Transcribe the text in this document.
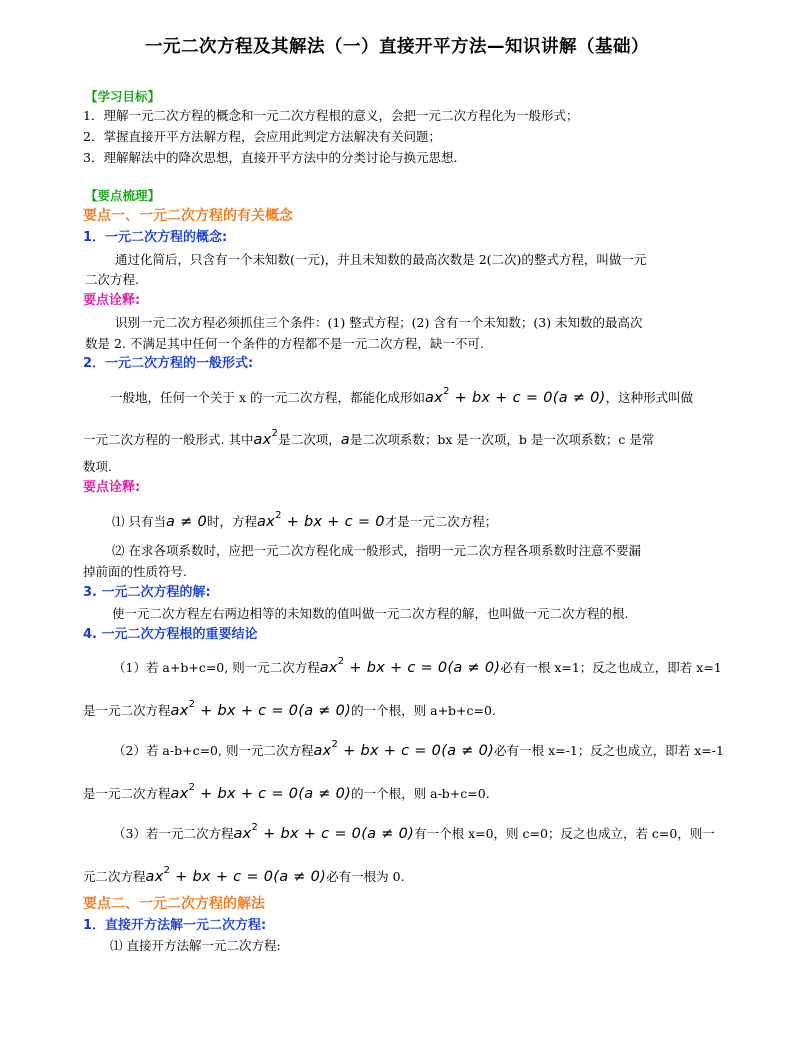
一元二次方程及其解法（一）直接开平方法—知识讲解（基础）
【学习目标】
1．理解一元二次方程的概念和一元二次方程根的意义，会把一元二次方程化为一般形式；
2．掌握直接开平方法解方程，会应用此判定方法解决有关问题；
3．理解解法中的降次思想，直接开平方法中的分类讨论与换元思想.
【要点梳理】
要点一、一元二次方程的有关概念
1．一元二次方程的概念:
通过化简后，只含有一个未知数(一元)，并且未知数的最高次数是 2(二次)的整式方程，叫做一元
二次方程.
要点诠释:
识别一元二次方程必须抓住三个条件：(1) 整式方程；(2) 含有一个未知数；(3) 未知数的最高次
数是 2. 不满足其中任何一个条件的方程都不是一元二次方程，缺一不可.
2．一元二次方程的一般形式:
一般地，任何一个关于 x 的一元二次方程，都能化成形如$ax^2$ + bx + c = 0(a ≠ 0)，这种形式叫做
一元二次方程的一般形式. 其中$ax^2$是二次项，a是二次项系数；bx 是一次项，b 是一次项系数；c 是常
数项.
要点诠释:
⑴ 只有当a ≠ 0时，方程$ax^2$ + bx + c = 0才是一元二次方程；
⑵ 在求各项系数时，应把一元二次方程化成一般形式，指明一元二次方程各项系数时注意不要漏
掉前面的性质符号.
3. 一元二次方程的解:
使一元二次方程左右两边相等的未知数的值叫做一元二次方程的解，也叫做一元二次方程的根.
4. 一元二次方程根的重要结论
（1）若 a+b+c=0, 则一元二次方程$ax^2$ + bx + c = 0(a ≠ 0)必有一根 x=1；反之也成立，即若 x=1
是一元二次方程$ax^2$ + bx + c = 0(a ≠ 0)的一个根，则 a+b+c=0.
（2）若 a-b+c=0, 则一元二次方程$ax^2$ + bx + c = 0(a ≠ 0)必有一根 x=-1；反之也成立，即若 x=-1
是一元二次方程$ax^2$ + bx + c = 0(a ≠ 0)的一个根，则 a-b+c=0.
（3）若一元二次方程$ax^2$ + bx + c = 0(a ≠ 0)有一个根 x=0，则 c=0；反之也成立，若 c=0，则一
元二次方程$ax^2$ + bx + c = 0(a ≠ 0)必有一根为 0.
要点二、一元二次方程的解法
1．直接开方法解一元二次方程:
⑴ 直接开方法解一元二次方程:
